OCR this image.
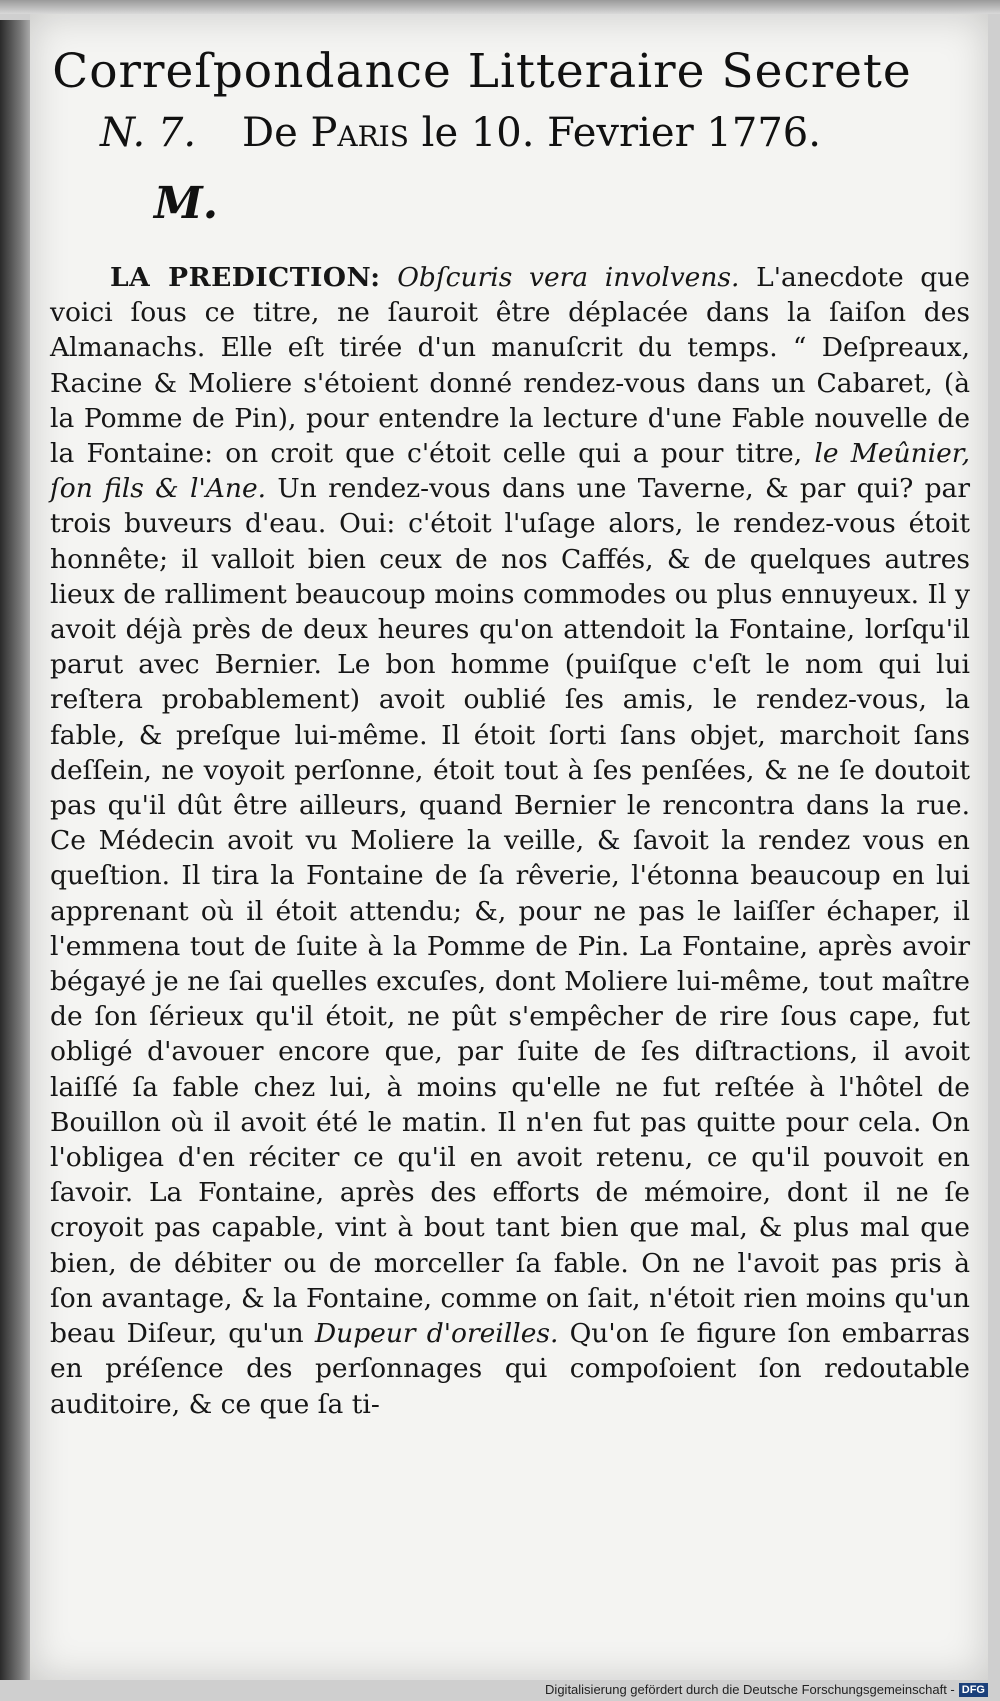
Correſpondance Litteraire Secrete
N. 7. De Paris le 10. Fevrier 1776.
M.

LA PREDICTION: Obſcuris vera involvens. L'anecdote que voici ſous ce titre, ne ſauroit être déplacée dans la ſaiſon des Almanachs. Elle eſt tirée d'un manuſcrit du temps. “ Deſpreaux, Racine & Moliere s'étoient donné rendez-vous dans un Cabaret, (à la Pomme de Pin), pour entendre la lecture d'une Fable nouvelle de la Fontaine: on croit que c'étoit celle qui a pour titre, le Meûnier, ſon fils & l'Ane. Un rendez-vous dans une Taverne, & par qui? par trois buveurs d'eau. Oui: c'étoit l'uſage alors, le rendez-vous étoit honnête; il valloit bien ceux de nos Caffés, & de quelques autres lieux de ralliment beaucoup moins commodes ou plus ennuyeux. Il y avoit déjà près de deux heures qu'on attendoit la Fontaine, lorſqu'il parut avec Bernier. Le bon homme (puiſque c'eſt le nom qui lui reſtera probablement) avoit oublié ſes amis, le rendez-vous, la fable, & preſque lui-même. Il étoit ſorti ſans objet, marchoit ſans deſſein, ne voyoit perſonne, étoit tout à ſes penſées, & ne ſe doutoit pas qu'il dût être ailleurs, quand Bernier le rencontra dans la rue. Ce Médecin avoit vu Moliere la veille, & ſavoit la rendez vous en queſtion. Il tira la Fontaine de ſa rêverie, l'étonna beaucoup en lui apprenant où il étoit attendu; &, pour ne pas le laiſſer échaper, il l'emmena tout de ſuite à la Pomme de Pin. La Fontaine, après avoir bégayé je ne ſai quelles excuſes, dont Moliere lui-même, tout maître de ſon ſérieux qu'il étoit, ne pût s'empêcher de rire ſous cape, fut obligé d'avouer encore que, par ſuite de ſes diſtractions, il avoit laiſſé ſa fable chez lui, à moins qu'elle ne fut reſtée à l'hôtel de Bouillon où il avoit été le matin. Il n'en fut pas quitte pour cela. On l'obligea d'en réciter ce qu'il en avoit retenu, ce qu'il pouvoit en ſavoir. La Fontaine, après des efforts de mémoire, dont il ne ſe croyoit pas capable, vint à bout tant bien que mal, & plus mal que bien, de débiter ou de morceller ſa fable. On ne l'avoit pas pris à ſon avantage, & la Fontaine, comme on ſait, n'étoit rien moins qu'un beau Diſeur, qu'un Dupeur d'oreilles. Qu'on ſe figure ſon embarras en préſence des perſonnages qui compoſoient ſon redoutable auditoire, & ce que ſa ti-

Digitalisierung gefördert durch die Deutsche Forschungsgemeinschaft - DFG
